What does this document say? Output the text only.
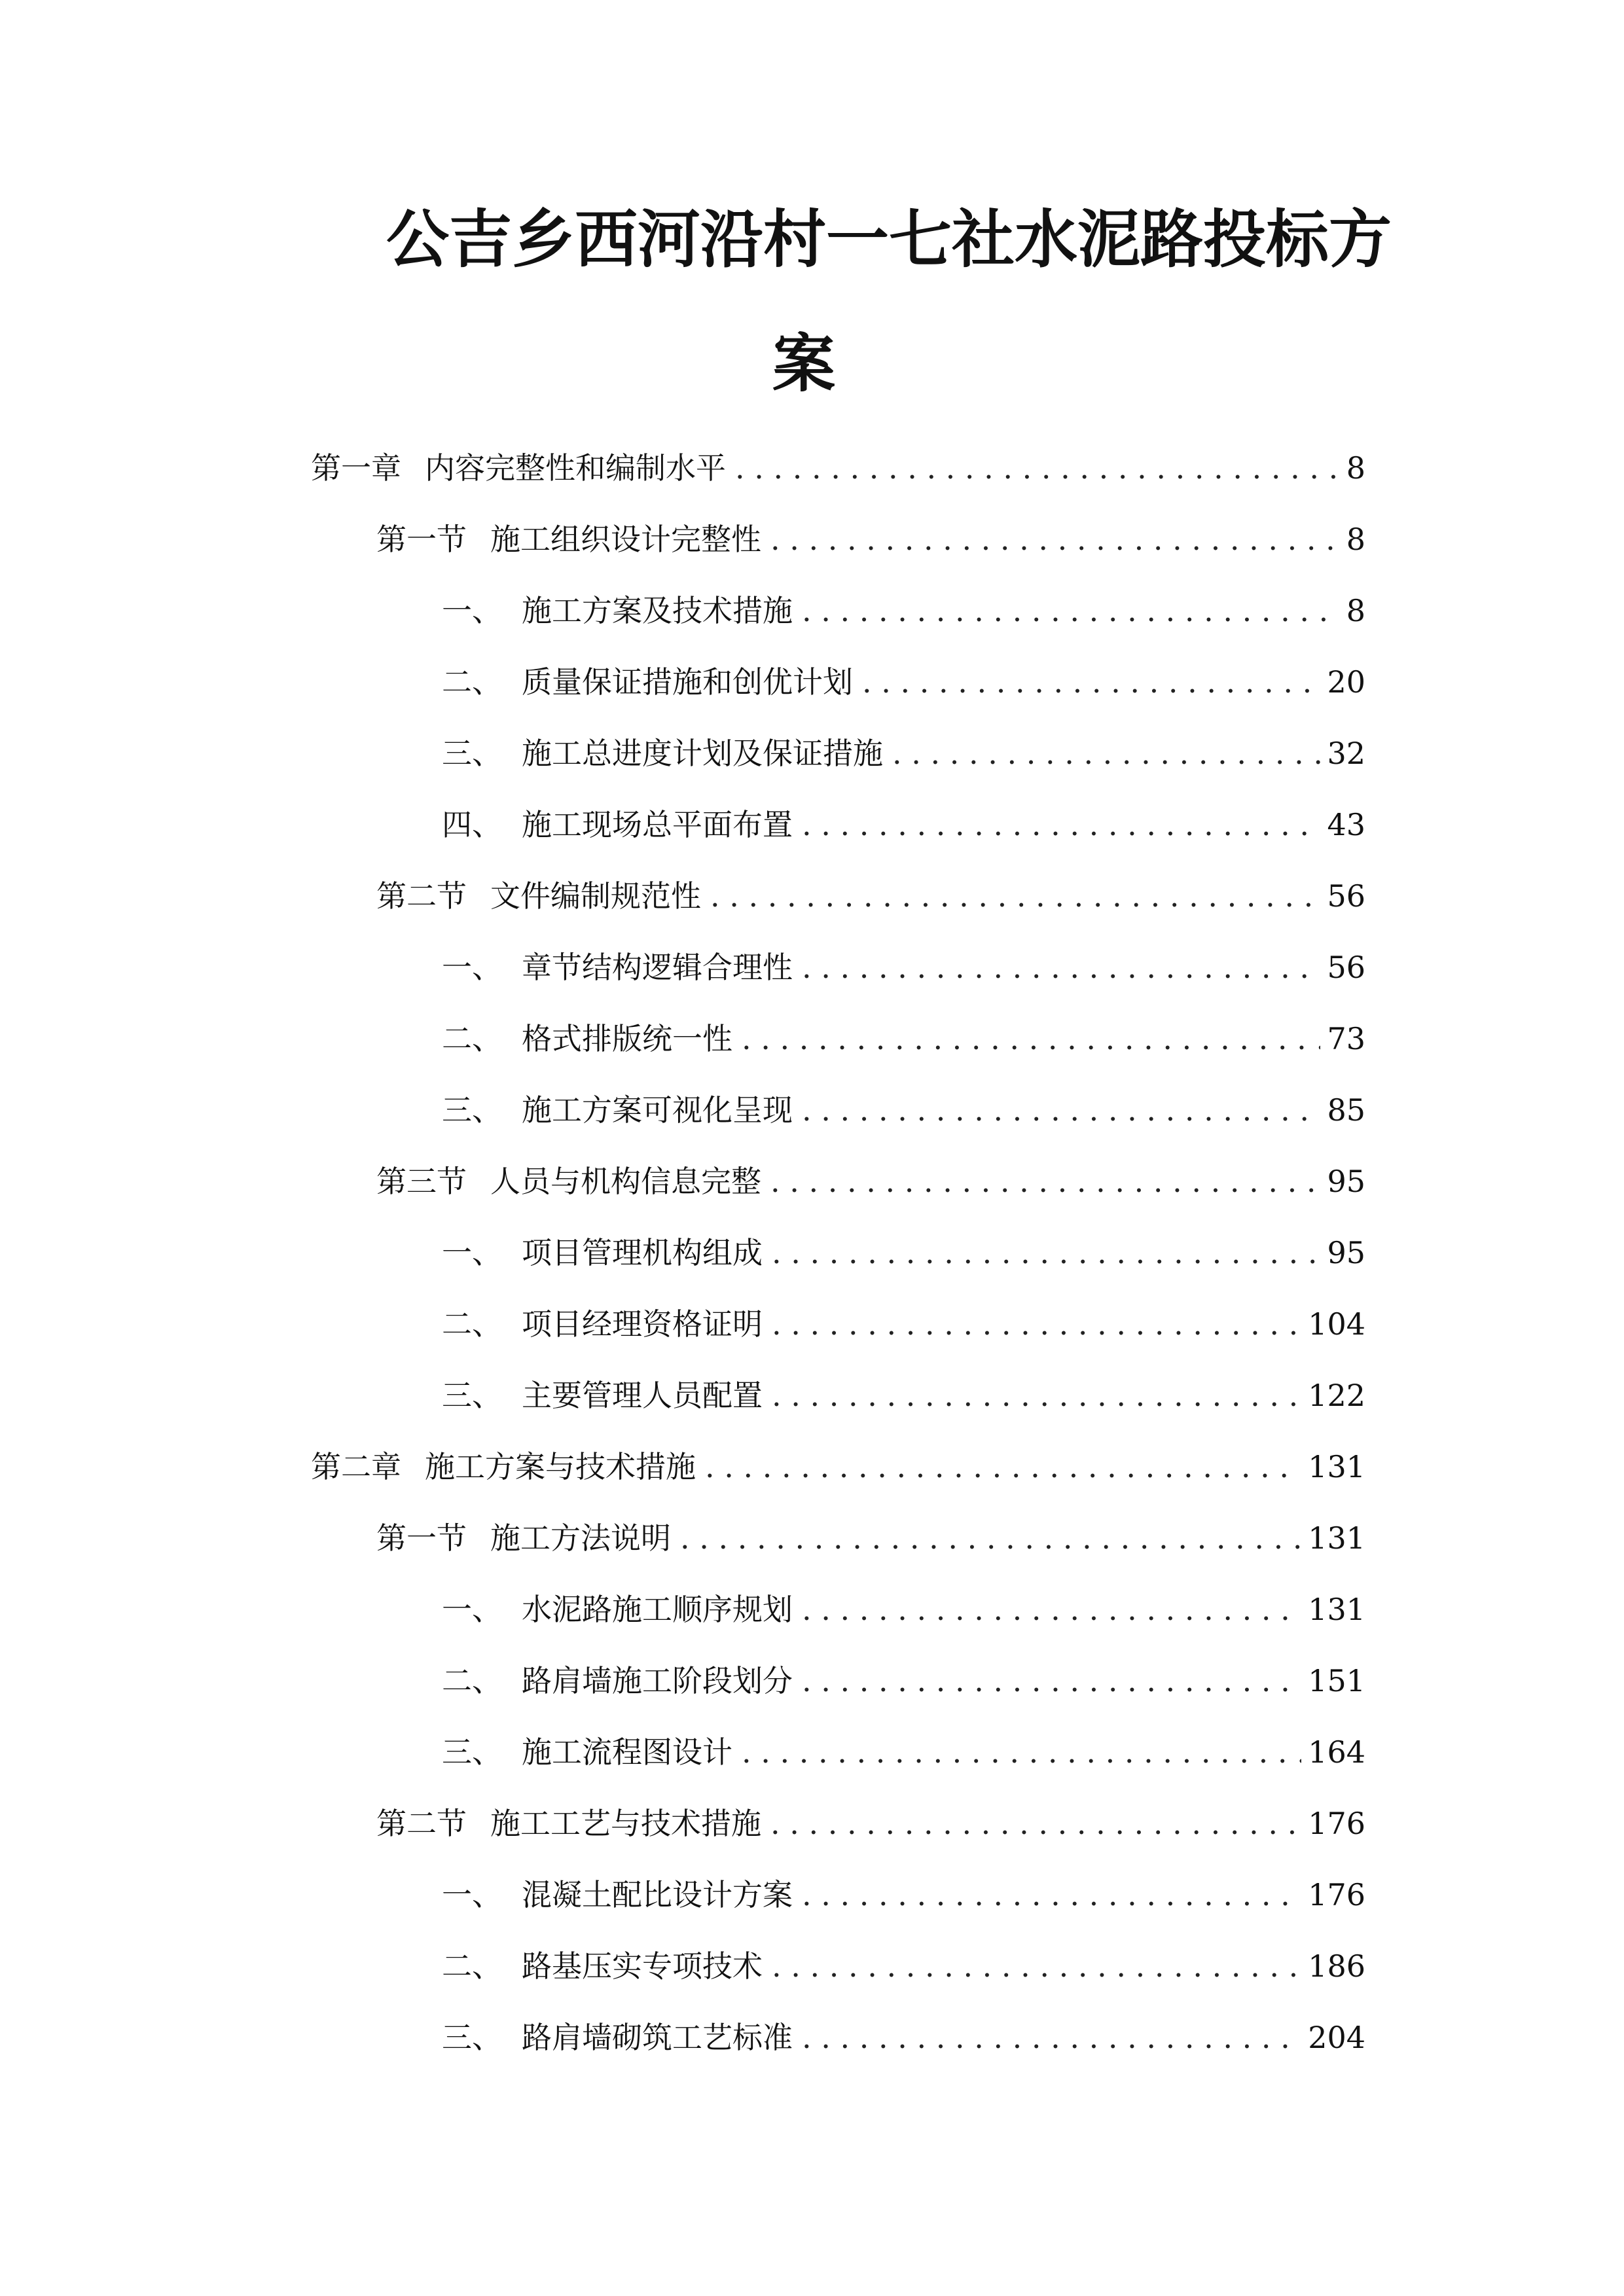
公吉乡西河沿村一七社水泥路投标方
案
第一章 内容完整性和编制水平 . . .	8
第一节 施工组织设计完整性 . . .	8
一、 施工方案及技术措施 . . .	8
二、 质量保证措施和创优计划 . . .	20
三、 施工总进度计划及保证措施 . . .	32
四、 施工现场总平面布置 . . .	43
第二节 文件编制规范性 . . .	56
一、 章节结构逻辑合理性 . . .	56
二、 格式排版统一性 . . .	73
三、 施工方案可视化呈现 . . .	85
第三节 人员与机构信息完整 . . .	95
一、 项目管理机构组成 . . .	95
二、 项目经理资格证明 . . .	104
三、 主要管理人员配置 . . .	122
第二章 施工方案与技术措施 . . .	131
第一节 施工方法说明 . . .	131
一、 水泥路施工顺序规划 . . .	131
二、 路肩墙施工阶段划分 . . .	151
三、 施工流程图设计 . . .	164
第二节 施工工艺与技术措施 . . .	176
一、 混凝土配比设计方案 . . .	176
二、 路基压实专项技术 . . .	186
三、 路肩墙砌筑工艺标准 . . .	204
